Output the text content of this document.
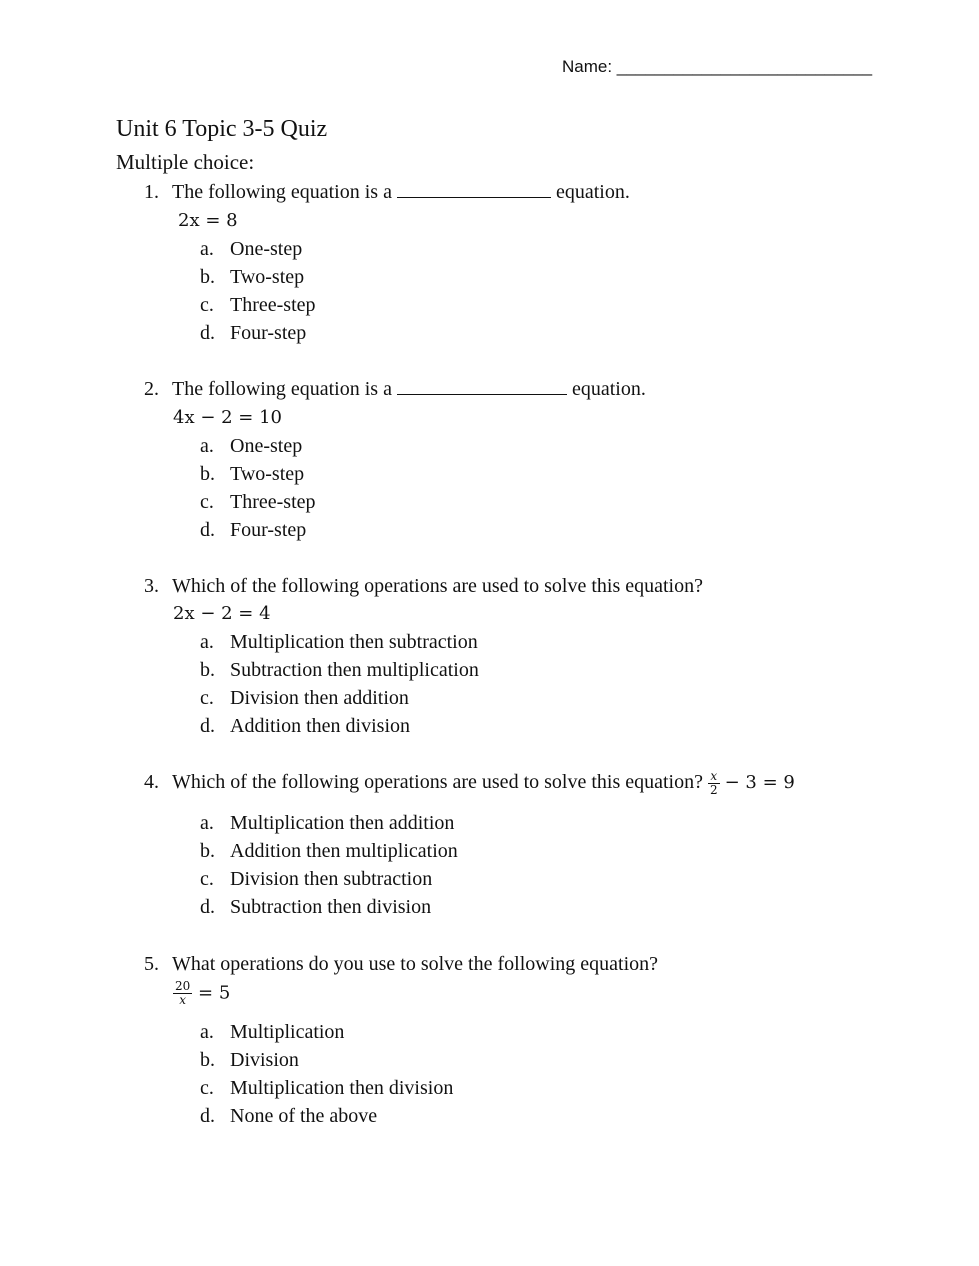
Name: ___________________________
Unit 6 Topic 3-5 Quiz
Multiple choice:
1. The following equation is a	equation.
2x = 8
a. One-step
b. Two-step
c. Three-step
d. Four-step
2. The following equation is a	equation.
4x − 2 = 10
a. One-step
b. Two-step
c. Three-step
d. Four-step
3. Which of the following operations are used to solve this equation?
2x − 2 = 4
a. Multiplication then subtraction
b. Subtraction then multiplication
c. Division then addition
d. Addition then division
4. Which of the following operations are used to solve this equation? $\frac{x}{2} - 3 = 9$
a. Multiplication then addition
b. Addition then multiplication
c. Division then subtraction
d. Subtraction then division
5. What operations do you use to solve the following equation?
$\frac{20}{x} = 5$
a. Multiplication
b. Division
c. Multiplication then division
d. None of the above
